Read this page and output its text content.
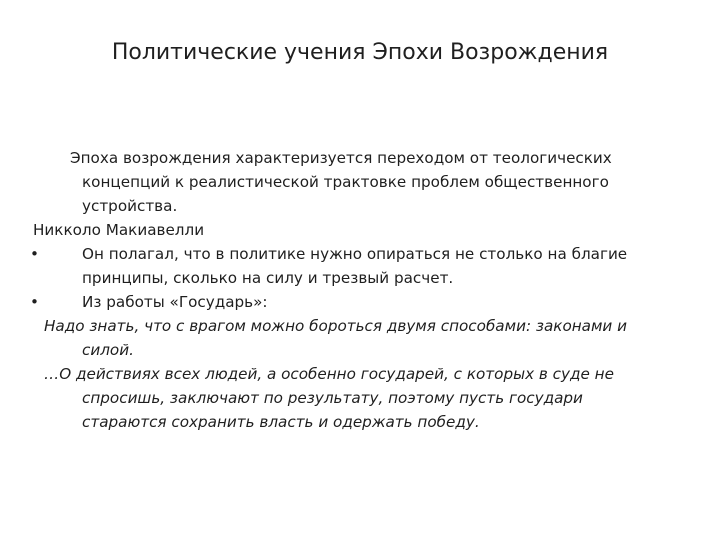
Политические учения Эпохи Возрождения
Эпоха возрождения характеризуется переходом от теологических
концепций к реалистической трактовке проблем общественного
устройства.
Никколо Макиавелли
•	Он полагал, что в политике нужно опираться не столько на благие
принципы, сколько на силу и трезвый расчет.
•	Из работы «Государь»:
Надо знать, что с врагом можно бороться двумя способами: законами и
силой.
…О действиях всех людей, а особенно государей, с которых в суде не
спросишь, заключают по результату, поэтому пусть государи
стараются сохранить власть и одержать победу.
